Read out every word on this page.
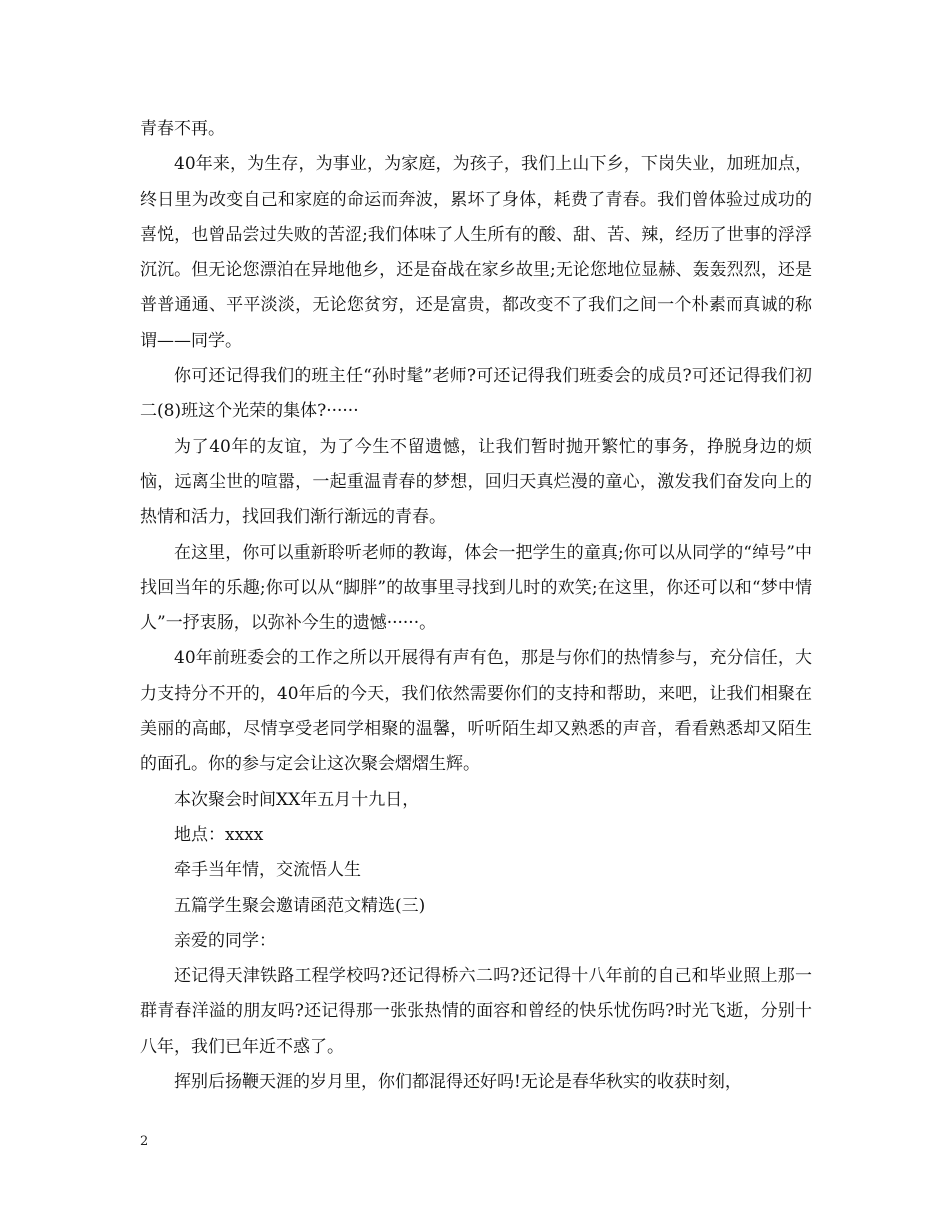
青春不再。

40年来，为生存，为事业，为家庭，为孩子，我们上山下乡，下岗失业，加班加点，终日里为改变自己和家庭的命运而奔波，累坏了身体，耗费了青春。我们曾体验过成功的喜悦，也曾品尝过失败的苦涩;我们体味了人生所有的酸、甜、苦、辣，经历了世事的浮浮沉沉。但无论您漂泊在异地他乡，还是奋战在家乡故里;无论您地位显赫、轰轰烈烈，还是普普通通、平平淡淡，无论您贫穷，还是富贵，都改变不了我们之间一个朴素而真诚的称谓——同学。

你可还记得我们的班主任“孙时髦”老师?可还记得我们班委会的成员?可还记得我们初二(8)班这个光荣的集体?······

为了40年的友谊，为了今生不留遗憾，让我们暂时抛开繁忙的事务，挣脱身边的烦恼，远离尘世的喧嚣，一起重温青春的梦想，回归天真烂漫的童心，激发我们奋发向上的热情和活力，找回我们渐行渐远的青春。

在这里，你可以重新聆听老师的教诲，体会一把学生的童真;你可以从同学的“绰号”中找回当年的乐趣;你可以从“脚胖”的故事里寻找到儿时的欢笑;在这里，你还可以和“梦中情人”一抒衷肠，以弥补今生的遗憾······。

40年前班委会的工作之所以开展得有声有色，那是与你们的热情参与，充分信任，大力支持分不开的，40年后的今天，我们依然需要你们的支持和帮助，来吧，让我们相聚在美丽的高邮，尽情享受老同学相聚的温馨，听听陌生却又熟悉的声音，看看熟悉却又陌生的面孔。你的参与定会让这次聚会熠熠生辉。

本次聚会时间XX年五月十九日，

地点：xxxx

牵手当年情，交流悟人生

五篇学生聚会邀请函范文精选(三)

亲爱的同学：

还记得天津铁路工程学校吗?还记得桥六二吗?还记得十八年前的自己和毕业照上那一群青春洋溢的朋友吗?还记得那一张张热情的面容和曾经的快乐忧伤吗?时光飞逝，分别十八年，我们已年近不惑了。

挥别后扬鞭天涯的岁月里，你们都混得还好吗!无论是春华秋实的收获时刻，

2
